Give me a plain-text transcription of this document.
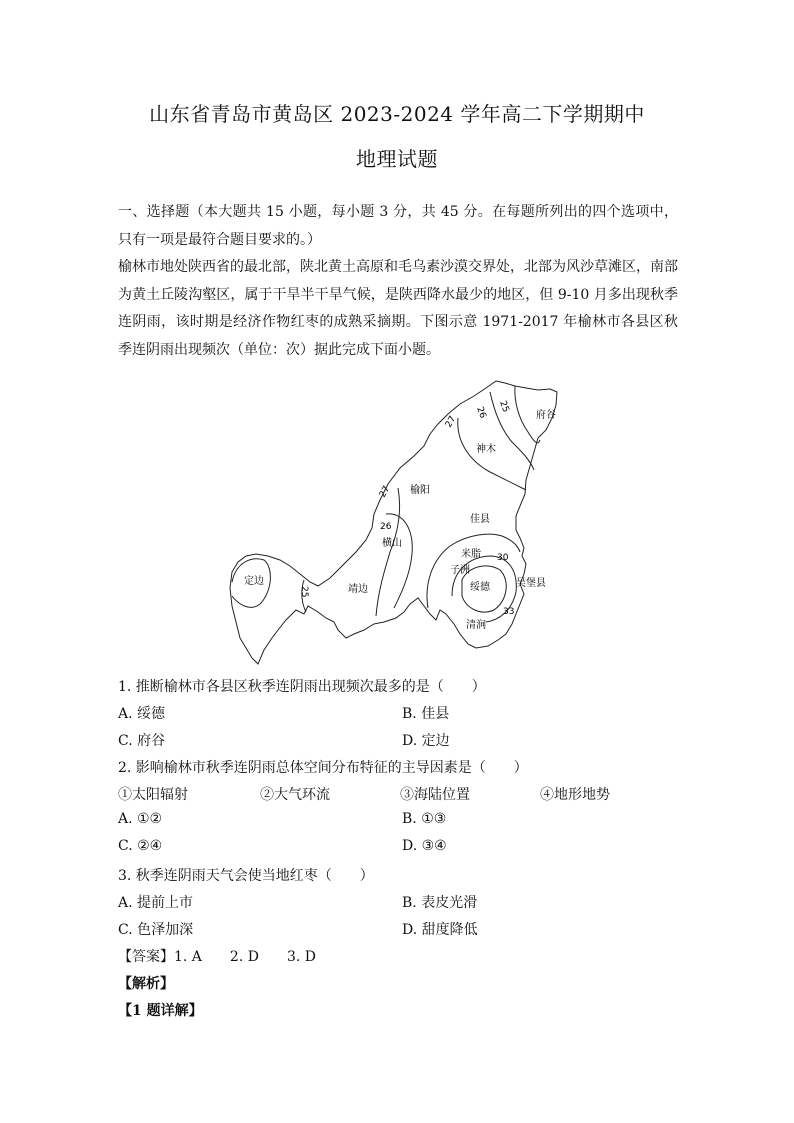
山东省青岛市黄岛区 2023-2024 学年高二下学期期中
地理试题
一、选择题（本大题共 15 小题，每小题 3 分，共 45 分。在每题所列出的四个选项中，只有一项是最符合题目要求的。）
榆林市地处陕西省的最北部，陕北黄土高原和毛乌素沙漠交界处，北部为风沙草滩区，南部为黄土丘陵沟壑区，属于干旱半干旱气候，是陕西降水最少的地区，但 9-10 月多出现秋季连阴雨，该时期是经济作物红枣的成熟采摘期。下图示意 1971-2017 年榆林市各县区秋季连阴雨出现频次（单位：次）据此完成下面小题。
府谷
神木
榆阳
佳县
横山
米脂
子洲
吴堡县
绥德
定边
靖边
清涧
26 25
27
27
26
30
25
33
1. 推断榆林市各县区秋季连阴雨出现频次最多的是（　　）
A. 绥德	B. 佳县
C. 府谷	D. 定边
2. 影响榆林市秋季连阴雨总体空间分布特征的主导因素是（　　）
①太阳辐射	②大气环流	③海陆位置	④地形地势
A. ①②	B. ①③
C. ②④	D. ③④
3. 秋季连阴雨天气会使当地红枣（　　）
A. 提前上市	B. 表皮光滑
C. 色泽加深	D. 甜度降低
【答案】1. A　　2. D　　3. D
【解析】
【1 题详解】
